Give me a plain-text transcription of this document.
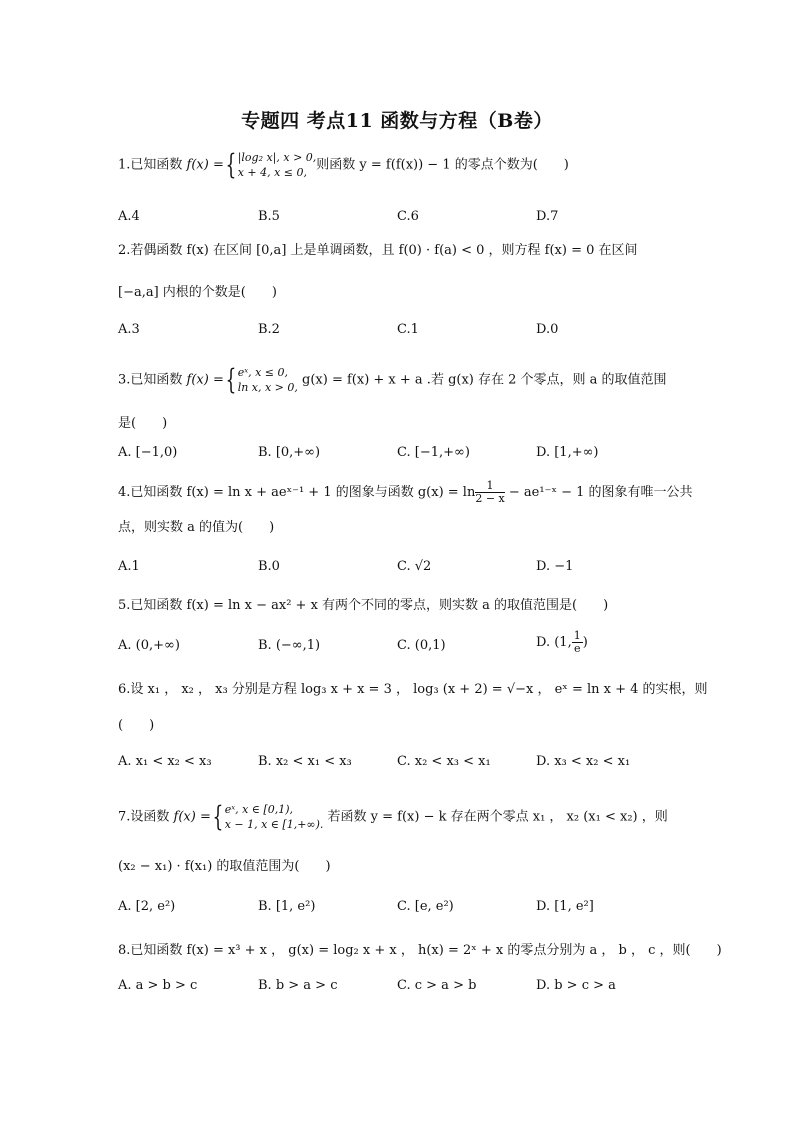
专题四 考点11 函数与方程（B卷）
1.已知函数 f(x) ={ |log₂ x|, x > 0,
x + 4, x ≤ 0, 则函数 y = f(f(x)) − 1 的零点个数为(　　)
A.4	B.5	C.6	D.7
2.若偶函数 f(x) 在区间 [0,a] 上是单调函数，且 f(0) · f(a) < 0 ，则方程 f(x) = 0 在区间
[−a,a] 内根的个数是(　　)
A.3	B.2	C.1	D.0
3.已知函数 f(x) ={ eˣ, x ≤ 0,
ln x, x > 0, g(x) = f(x) + x + a .若 g(x) 存在 2 个零点，则 a 的取值范围
是(　　)
A. [−1,0)	B. [0,+∞)	C. [−1,+∞)	D. [1,+∞)
4.已知函数 f(x) = ln x + aeˣ⁻¹ + 1 的图象与函数 $g(x) = \ln \frac{1}{2 - x}$ − ae¹⁻ˣ − 1 的图象有唯一公共
点，则实数 a 的值为(　　)
A.1	B.0	C. √2	D. −1
5.已知函数 f(x) = ln x − ax² + x 有两个不同的零点，则实数 a 的取值范围是(　　)
A. (0,+∞)	B. (−∞,1)	C. (0,1)	D. (1, $\frac{1}{e}$ )
6.设 x₁ ， x₂ ， x₃ 分别是方程 log₃ x + x = 3 ， log₃ (x + 2) = √−x ， eˣ = ln x + 4 的实根，则
(　　)
A. x₁ < x₂ < x₃	B. x₂ < x₁ < x₃	C. x₂ < x₃ < x₁	D. x₃ < x₂ < x₁
7.设函数 f(x) ={ eˣ, x ∈ [0,1),
x − 1, x ∈ [1,+∞). 若函数 y = f(x) − k 存在两个零点 x₁ ， x₂ (x₁ < x₂) ，则
(x₂ − x₁) · f(x₁) 的取值范围为(　　)
A. [2, e²)	B. [1, e²)	C. [e, e²)	D. [1, e²]
8.已知函数 f(x) = x³ + x ， g(x) = log₂ x + x ， h(x) = 2ˣ + x 的零点分别为 a ， b ， c ，则(　　)
A. a > b > c	B. b > a > c	C. c > a > b	D. b > c > a
